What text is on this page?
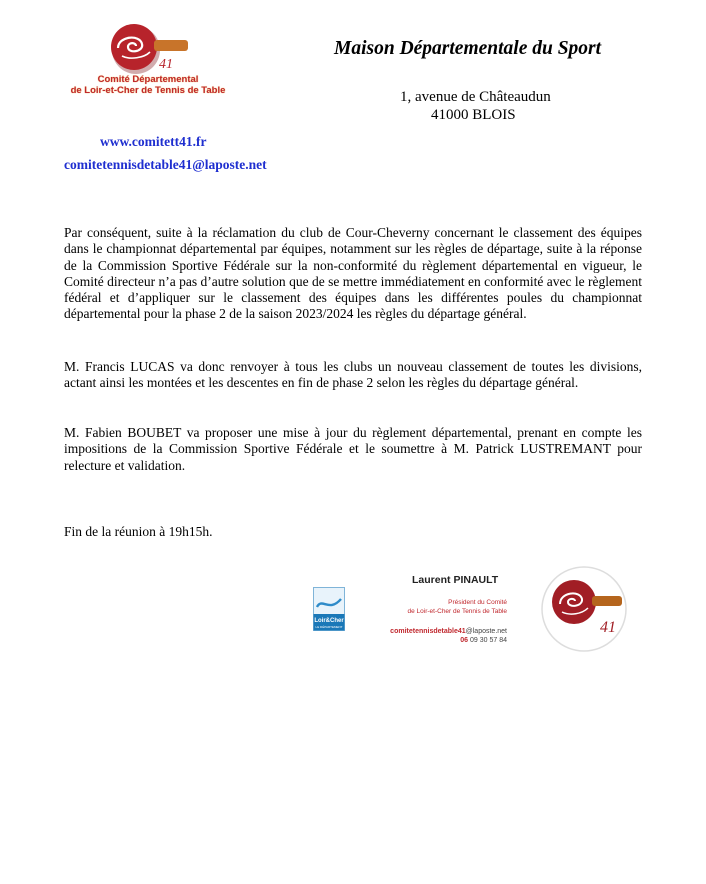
41
Comité Départemental
de Loir-et-Cher de Tennis de Table
www.comitett41.fr
comitetennisdetable41@laposte.net
Maison Départementale du Sport
1, avenue de Châteaudun
41000 BLOIS
Par conséquent, suite à la réclamation du club de Cour-Cheverny concernant le classement des équipes dans le championnat départemental par équipes, notamment sur les règles de départage, suite à la réponse de la Commission Sportive Fédérale sur la non-conformité du règlement départemental en vigueur, le Comité directeur n’a pas d’autre solution que de se mettre immédiatement en conformité avec le règlement fédéral et d’appliquer sur le classement des équipes dans les différentes poules du championnat départemental pour la phase 2 de la saison 2023/2024 les règles du départage général.
M. Francis LUCAS va donc renvoyer à tous les clubs un nouveau classement de toutes les divisions, actant ainsi les montées et les descentes en fin de phase 2 selon les règles du départage général.
M. Fabien BOUBET va proposer une mise à jour du règlement départemental, prenant en compte les impositions de la Commission Sportive Fédérale et le soumettre à M. Patrick LUSTREMANT pour relecture et validation.
Fin de la réunion à 19h15h.
Loir&Cher
LE DÉPARTEMENT
Laurent PINAULT
Président du Comité
de Loir-et-Cher de Tennis de Table
comitetennisdetable41@laposte.net
06 09 30 57 84
41
